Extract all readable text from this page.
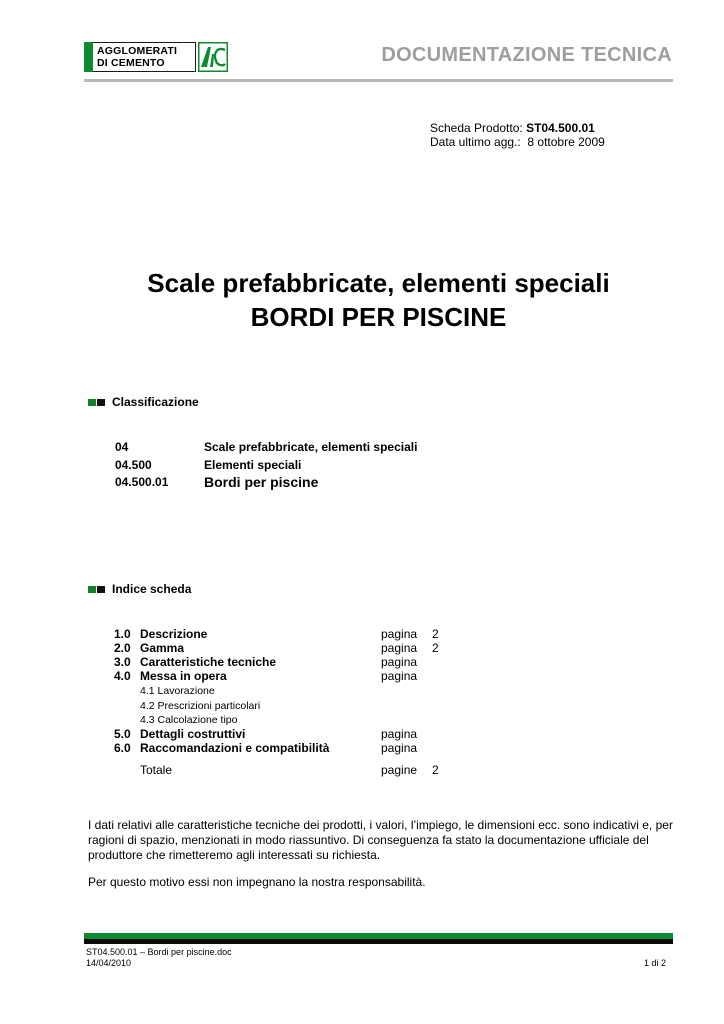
AGGLOMERATI
DI CEMENTO	DOCUMENTAZIONE TECNICA
Scheda Prodotto: ST04.500.01
Data ultimo agg.: 8 ottobre 2009
Scale prefabbricate, elementi speciali
BORDI PER PISCINE
Classificazione
04	Scale prefabbricate, elementi speciali
04.500	Elementi speciali
04.500.01	Bordi per piscine
Indice scheda
1.0 Descrizione	pagina 2
2.0 Gamma	pagina 2
3.0 Caratteristiche tecniche	pagina
4.0 Messa in opera	pagina
4.1 Lavorazione
4.2 Prescrizioni particolari
4.3 Calcolazione tipo
5.0 Dettagli costruttivi	pagina
6.0 Raccomandazioni e compatibilità	pagina
Totale	pagine 2
I dati relativi alle caratteristiche tecniche dei prodotti, i valori, l’impiego, le dimensioni ecc. sono indicativi e, per ragioni di spazio, menzionati in modo riassuntivo. Di conseguenza fa stato la documentazione ufficiale del produttore che rimetteremo agli interessati su richiesta.
Per questo motivo essi non impegnano la nostra responsabilità.
ST04.500.01 – Bordi per piscine.doc
14/04/2010	1 di 2
